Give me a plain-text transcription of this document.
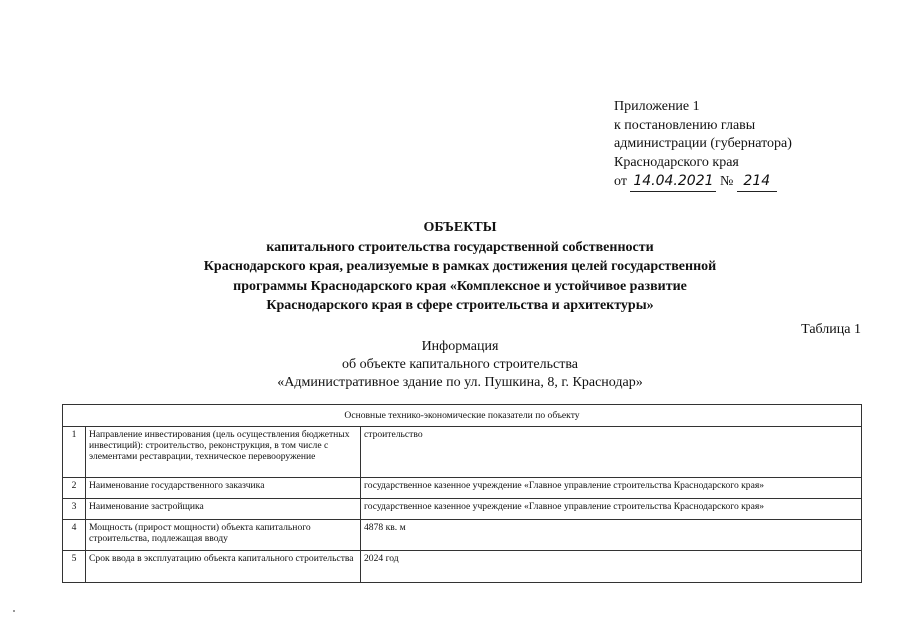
Приложение 1
к постановлению главы
администрации (губернатора)
Краснодарского края
от 14.04.2021 № 214
ОБЪЕКТЫ
капитального строительства государственной собственности
Краснодарского края, реализуемые в рамках достижения целей государственной
программы Краснодарского края «Комплексное и устойчивое развитие
Краснодарского края в сфере строительства и архитектуры»
Таблица 1
Информация
об объекте капитального строительства
«Административное здание по ул. Пушкина, 8, г. Краснодар»
Основные технико-экономические показатели по объекту		
1	Направление инвестирования (цель осуществления бюджетных инвестиций): строительство, реконструкция, в том числе с элементами реставрации, техническое перевооружение	строительство
2	Наименование государственного заказчика	государственное казенное учреждение «Главное управление строительства Краснодарского края»
3	Наименование застройщика	государственное казенное учреждение «Главное управление строительства Краснодарского края»
4	Мощность (прирост мощности) объекта капитального строительства, подлежащая вводу	4878 кв. м
5	Срок ввода в эксплуатацию объекта капитального строительства	2024 год
